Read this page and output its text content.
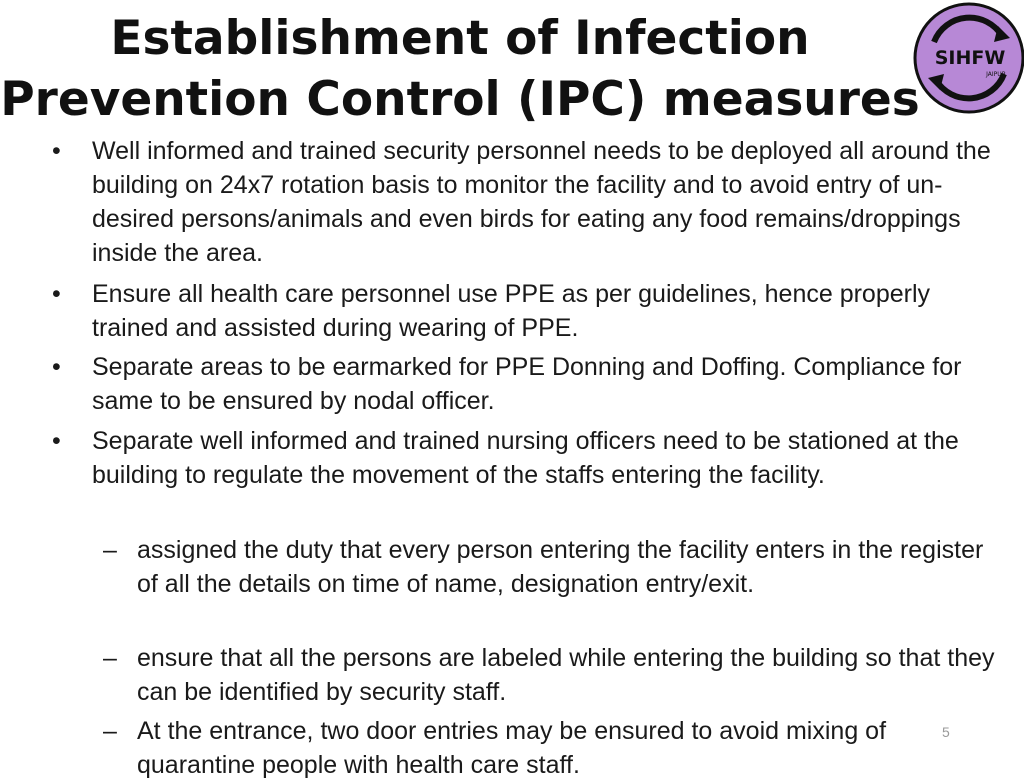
Establishment of Infection
Prevention Control (IPC) measures
SIHFW
JAIPUR
• Well informed and trained security personnel needs to be deployed all around the building on 24x7 rotation basis to monitor the facility and to avoid entry of un- desired persons/animals and even birds for eating any food remains/droppings inside the area.
• Ensure all health care personnel use PPE as per guidelines, hence properly trained and assisted during wearing of PPE.
• Separate areas to be earmarked for PPE Donning and Doffing. Compliance for same to be ensured by nodal officer.
• Separate well informed and trained nursing officers need to be stationed at the building to regulate the movement of the staffs entering the facility.
– assigned the duty that every person entering the facility enters in the register of all the details on time of name, designation entry/exit.
– ensure that all the persons are labeled while entering the building so that they can be identified by security staff.
– At the entrance, two door entries may be ensured to avoid mixing of quarantine people with health care staff.
5
